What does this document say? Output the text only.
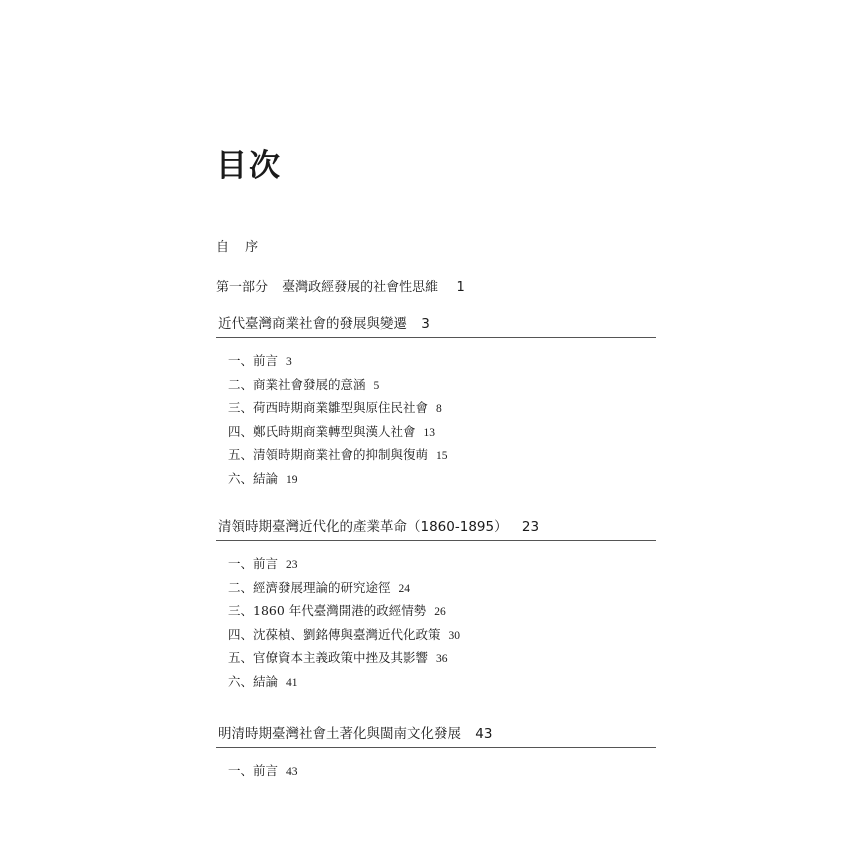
目次

自 序

第一部分 臺灣政經發展的社會性思維 1

近代臺灣商業社會的發展與變遷 3
一、前言 3
二、商業社會發展的意涵 5
三、荷西時期商業雛型與原住民社會 8
四、鄭氏時期商業轉型與漢人社會 13
五、清領時期商業社會的抑制與復萌 15
六、結論 19
清領時期臺灣近代化的產業革命（1860-1895） 23
一、前言 23
二、經濟發展理論的研究途徑 24
三、1860 年代臺灣開港的政經情勢 26
四、沈葆楨、劉銘傳與臺灣近代化政策 30
五、官僚資本主義政策中挫及其影響 36
六、結論 41
明清時期臺灣社會土著化與閩南文化發展 43
一、前言 43
